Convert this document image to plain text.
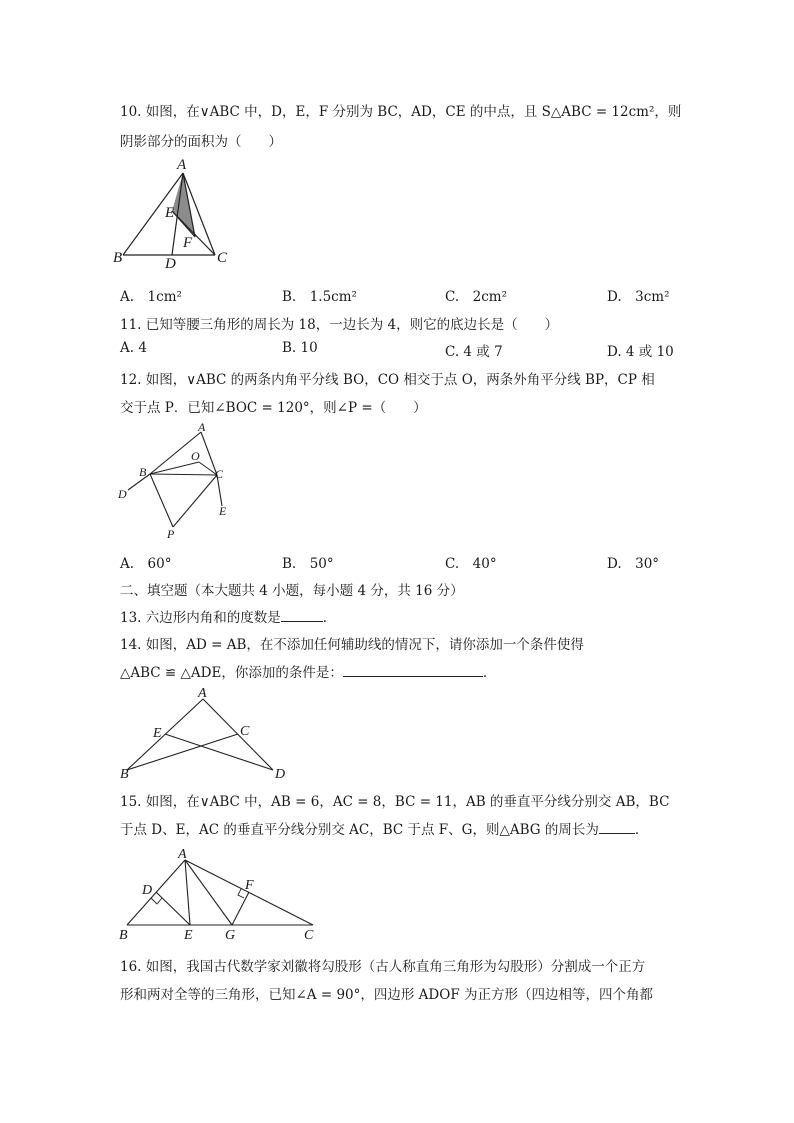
10. 如图，在∨ABC 中，D，E，F 分别为 BC，AD，CE 的中点，且 S△ABC = 12cm²，则
阴影部分的面积为（　　）
A
E
F
B	C
D
A.　1cm²	B.　1.5cm²	C.　2cm²	D.　3cm²
11. 已知等腰三角形的周长为 18，一边长为 4，则它的底边长是（　　）
A. 4	B. 10	C. 4 或 7	D. 4 或 10
12. 如图，∨ABC 的两条内角平分线 BO，CO 相交于点 O，两条外角平分线 BP，CP 相
交于点 P．已知∠BOC = 120°，则∠P =（　　）
A
O
B	C
D
E
P
A.　60°	B.　50°	C.　40°	D.　30°
二、填空题（本大题共 4 小题，每小题 4 分，共 16 分）
13. 六边形内角和的度数是	．
14. 如图，AD = AB，在不添加任何辅助线的情况下，请你添加一个条件使得
△ABC ≌ △ADE，你添加的条件是：	．
A
E	C
B	D
15. 如图，在∨ABC 中，AB = 6，AC = 8，BC = 11，AB 的垂直平分线分别交 AB，BC
于点 D、E，AC 的垂直平分线分别交 AC，BC 于点 F、G，则△ABG 的周长为	．
A
D	F
B	E G	C
16. 如图，我国古代数学家刘徽将勾股形（古人称直角三角形为勾股形）分割成一个正方
形和两对全等的三角形，已知∠A = 90°，四边形 ADOF 为正方形（四边相等，四个角都
